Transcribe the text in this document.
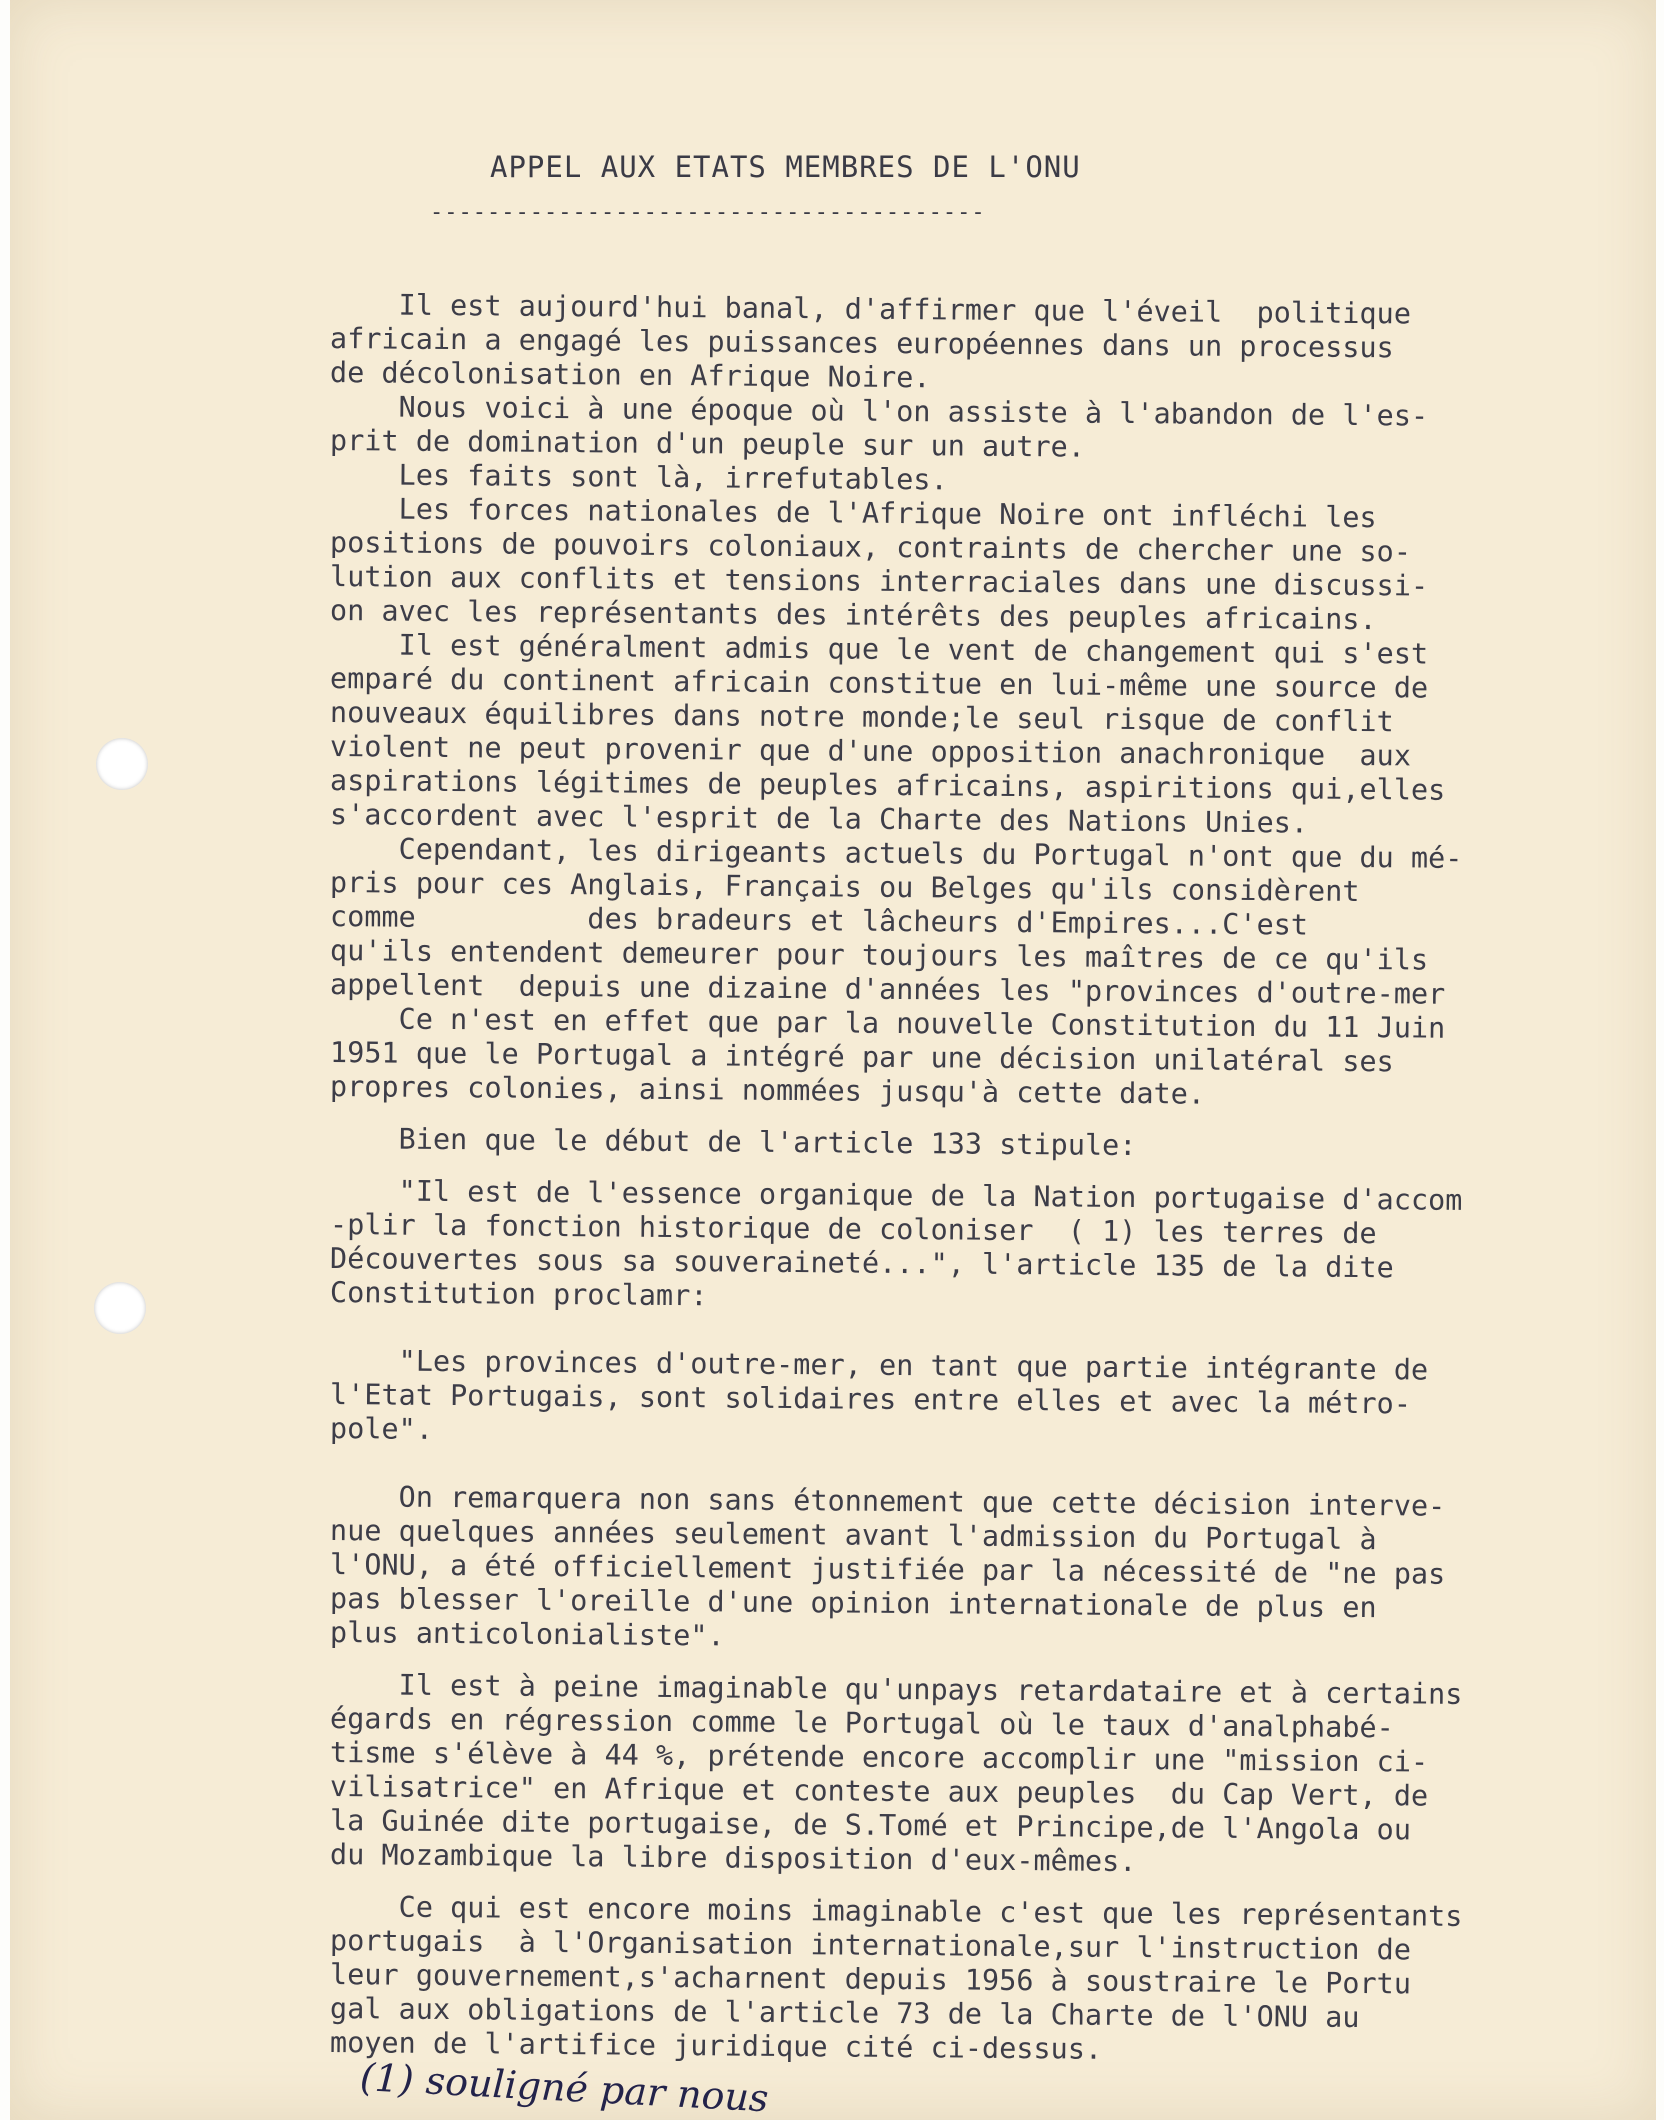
APPEL AUX ETATS MEMBRES DE L'ONU
---------------------------------------
Il est aujourd'hui banal, d'affirmer que l'éveil  politique
africain a engagé les puissances européennes dans un processus
de décolonisation en Afrique Noire.
Nous voici à une époque où l'on assiste à l'abandon de l'es-
prit de domination d'un peuple sur un autre.
Les faits sont là, irrefutables.
Les forces nationales de l'Afrique Noire ont infléchi les
positions de pouvoirs coloniaux, contraints de chercher une so-
lution aux conflits et tensions interraciales dans une discussi-
on avec les représentants des intérêts des peuples africains.
Il est généralment admis que le vent de changement qui s'est
emparé du continent africain constitue en lui-même une source de
nouveaux équilibres dans notre monde;le seul risque de conflit
violent ne peut provenir que d'une opposition anachronique  aux
aspirations légitimes de peuples africains, aspiritions qui,elles
s'accordent avec l'esprit de la Charte des Nations Unies.
Cependant, les dirigeants actuels du Portugal n'ont que du mé-
pris pour ces Anglais, Français ou Belges qu'ils considèrent
comme          des bradeurs et lâcheurs d'Empires...C'est
qu'ils entendent demeurer pour toujours les maîtres de ce qu'ils
appellent  depuis une dizaine d'années les "provinces d'outre-mer
Ce n'est en effet que par la nouvelle Constitution du 11 Juin
1951 que le Portugal a intégré par une décision unilatéral ses
propres colonies, ainsi nommées jusqu'à cette date.
Bien que le début de l'article 133 stipule:
"Il est de l'essence organique de la Nation portugaise d'accom
-plir la fonction historique de coloniser  ( 1) les terres de
Découvertes sous sa souveraineté...", l'article 135 de la dite
Constitution proclamr:
"Les provinces d'outre-mer, en tant que partie intégrante de
l'Etat Portugais, sont solidaires entre elles et avec la métro-
pole".
On remarquera non sans étonnement que cette décision interve-
nue quelques années seulement avant l'admission du Portugal à
l'ONU, a été officiellement justifiée par la nécessité de "ne pas
pas blesser l'oreille d'une opinion internationale de plus en
plus anticolonialiste".
Il est à peine imaginable qu'unpays retardataire et à certains
égards en régression comme le Portugal où le taux d'analphabé-
tisme s'élève à 44 %, prétende encore accomplir une "mission ci-
vilisatrice" en Afrique et conteste aux peuples  du Cap Vert, de
la Guinée dite portugaise, de S.Tomé et Principe,de l'Angola ou
du Mozambique la libre disposition d'eux-mêmes.
Ce qui est encore moins imaginable c'est que les représentants
portugais  à l'Organisation internationale,sur l'instruction de
leur gouvernement,s'acharnent depuis 1956 à soustraire le Portu
gal aux obligations de l'article 73 de la Charte de l'ONU au
moyen de l'artifice juridique cité ci-dessus.
(1) souligné par nous
